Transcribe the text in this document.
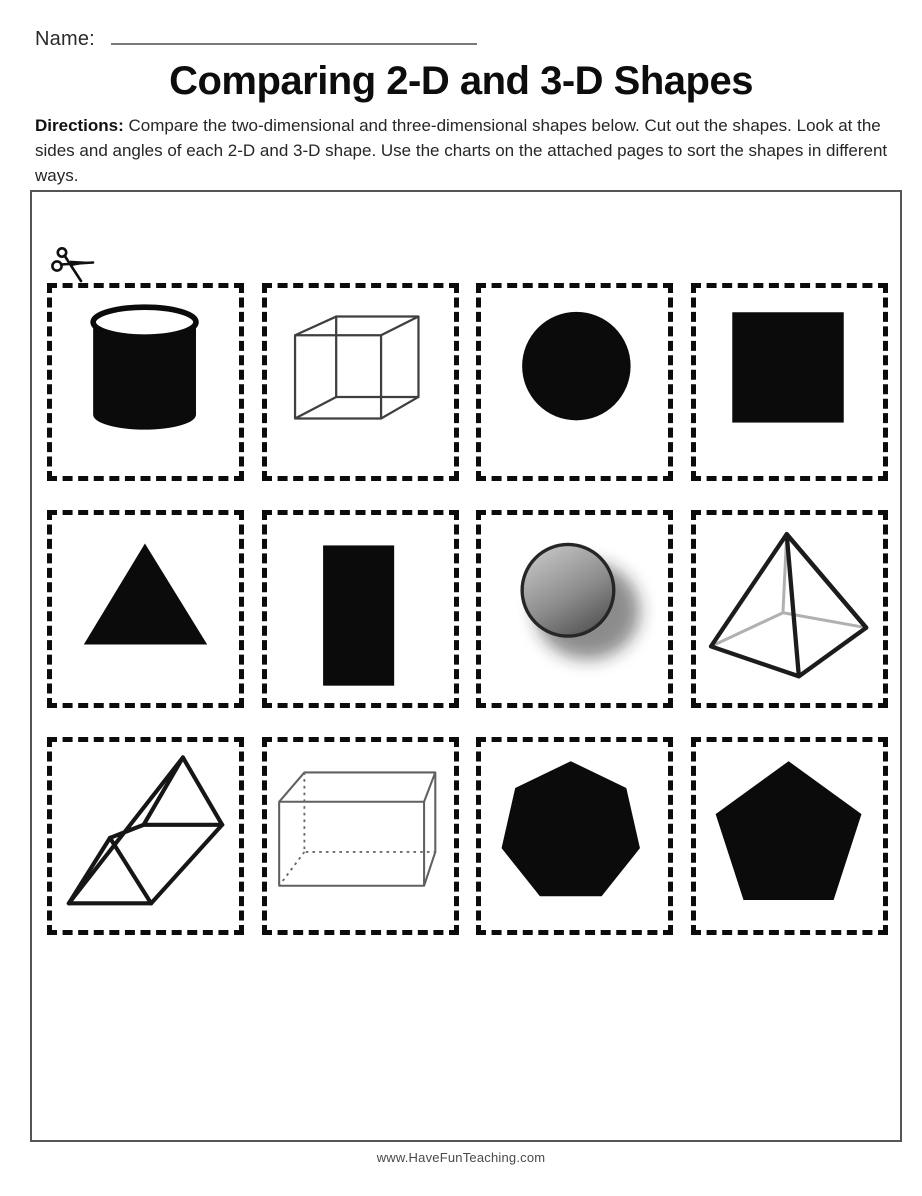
Name:
Comparing 2-D and 3-D Shapes

Directions: Compare the two-dimensional and three-dimensional shapes below. Cut out the shapes. Look at the sides and angles of each 2-D and 3-D shape. Use the charts on the attached pages to sort the shapes in different ways.

www.HaveFunTeaching.com
